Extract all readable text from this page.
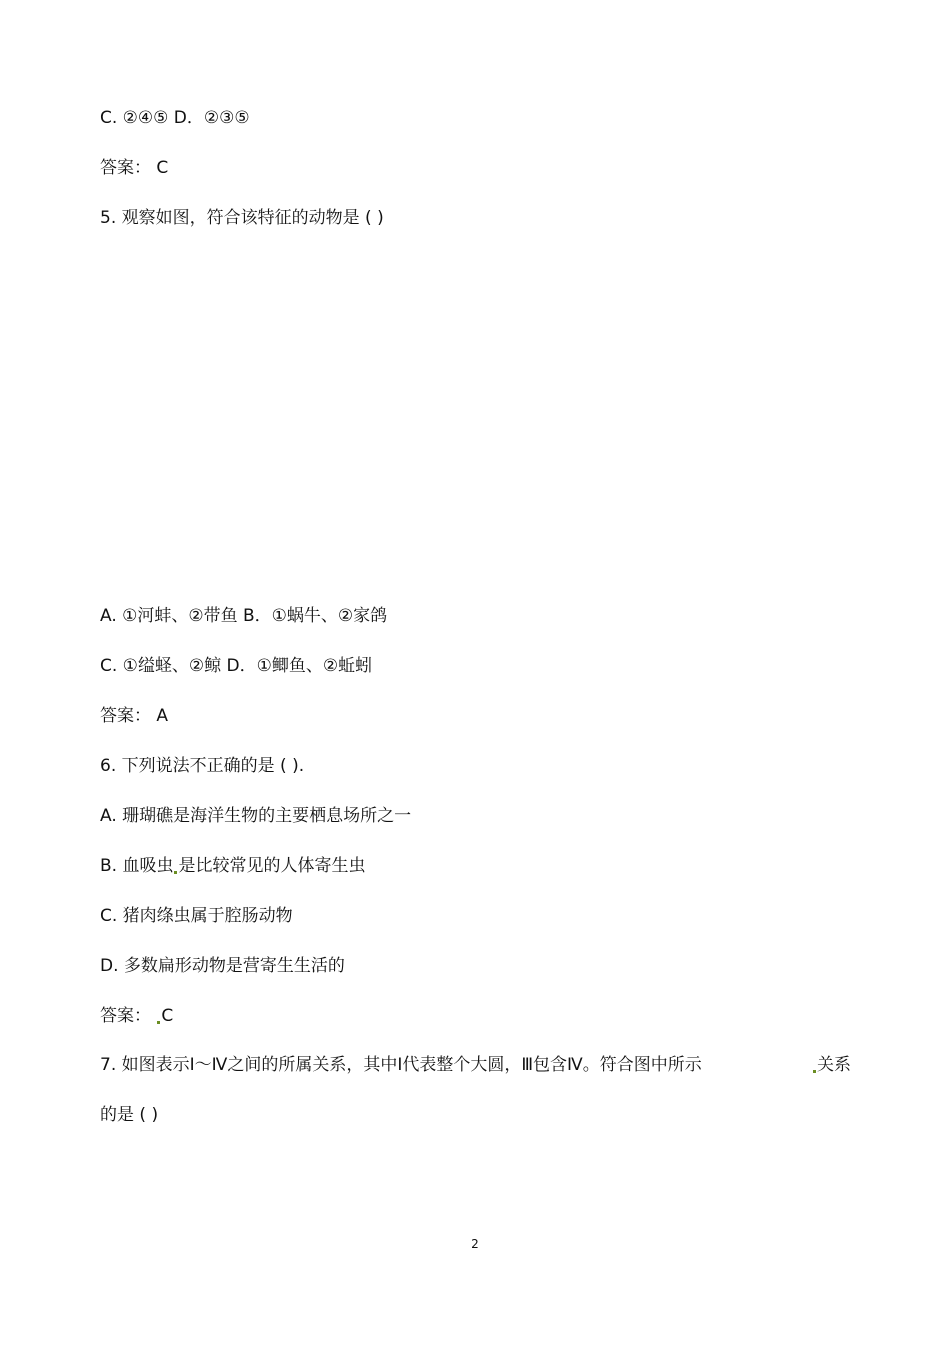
C. ②④⑤ D．②③⑤
答案： C
5. 观察如图，符合该特征的动物是 ( )
A. ①河蚌、②带鱼 B．①蜗牛、②家鸽
C. ①缢蛏、②鲸 D．①鲫鱼、②蚯蚓
答案： A
6. 下列说法不正确的是 ( ).
A. 珊瑚礁是海洋生物的主要栖息场所之一
B. 血吸虫 是比较常见的人体寄生虫
C. 猪肉绦虫属于腔肠动物
D. 多数扁形动物是营寄生生活的
答案： C
7. 如图表示Ⅰ～Ⅳ之间的所属关系，其中Ⅰ代表整个大圆，Ⅲ包含Ⅳ。符合图中所示	关系
的是 ( )
2
